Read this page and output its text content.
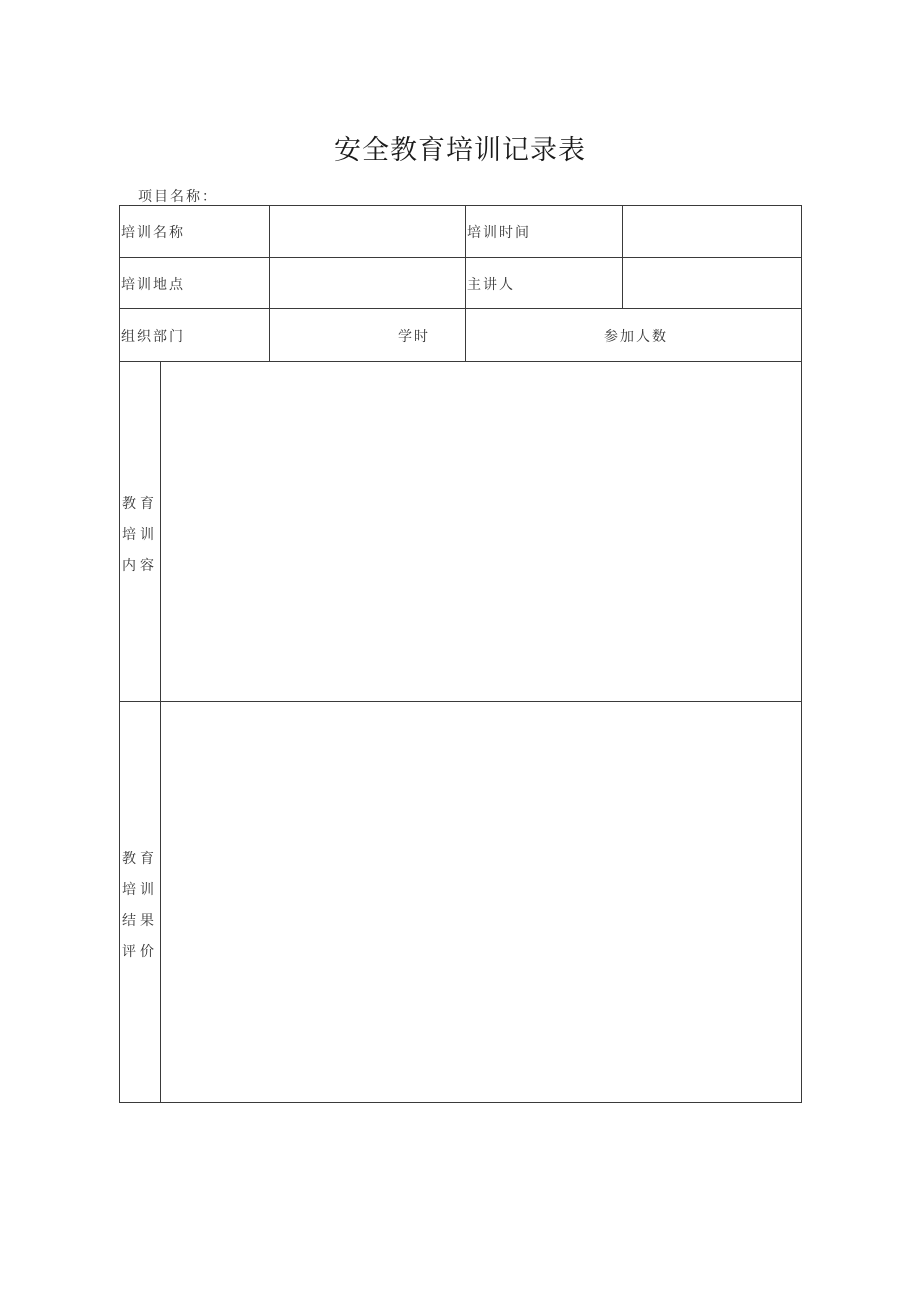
安全教育培训记录表
项目名称：
培训名称	培训时间
培训地点	主讲人
组织部门	学时	参加人数
教育培训内容
教育培训结果评价
